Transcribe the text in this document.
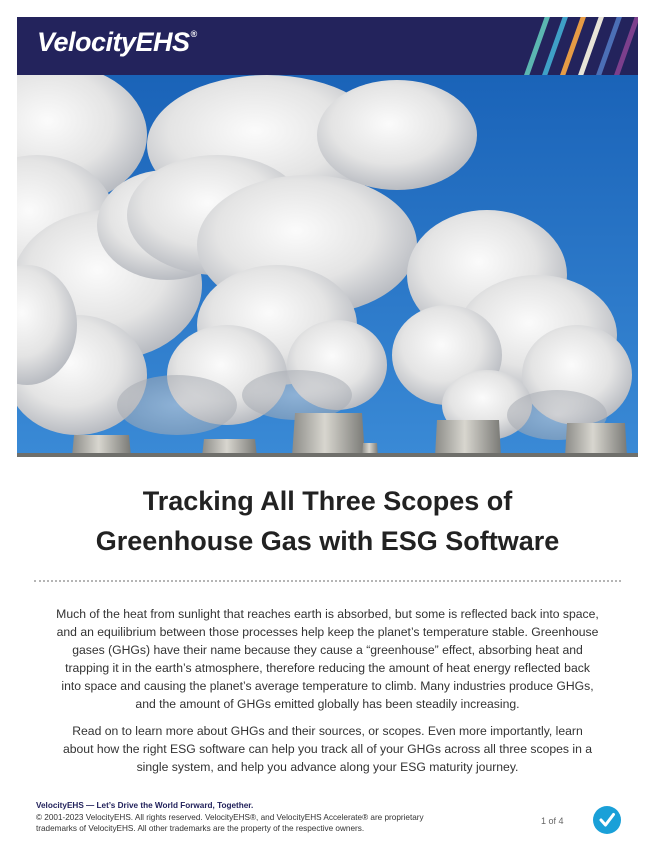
VelocityEHS®
Tracking All Three Scopes of
Greenhouse Gas with ESG Software

Much of the heat from sunlight that reaches earth is absorbed, but some is reflected back into space, and an equilibrium between those processes help keep the planet’s temperature stable. Greenhouse gases (GHGs) have their name because they cause a “greenhouse” effect, absorbing heat and trapping it in the earth’s atmosphere, therefore reducing the amount of heat energy reflected back into space and causing the planet’s average temperature to climb. Many industries produce GHGs, and the amount of GHGs emitted globally has been steadily increasing.

Read on to learn more about GHGs and their sources, or scopes. Even more importantly, learn about how the right ESG software can help you track all of your GHGs across all three scopes in a single system, and help you advance along your ESG maturity journey.

VelocityEHS — Let’s Drive the World Forward, Together.
© 2001-2023 VelocityEHS. All rights reserved. VelocityEHS®, and VelocityEHS Accelerate® are proprietary
trademarks of VelocityEHS. All other trademarks are the property of the respective owners.
1 of 4
